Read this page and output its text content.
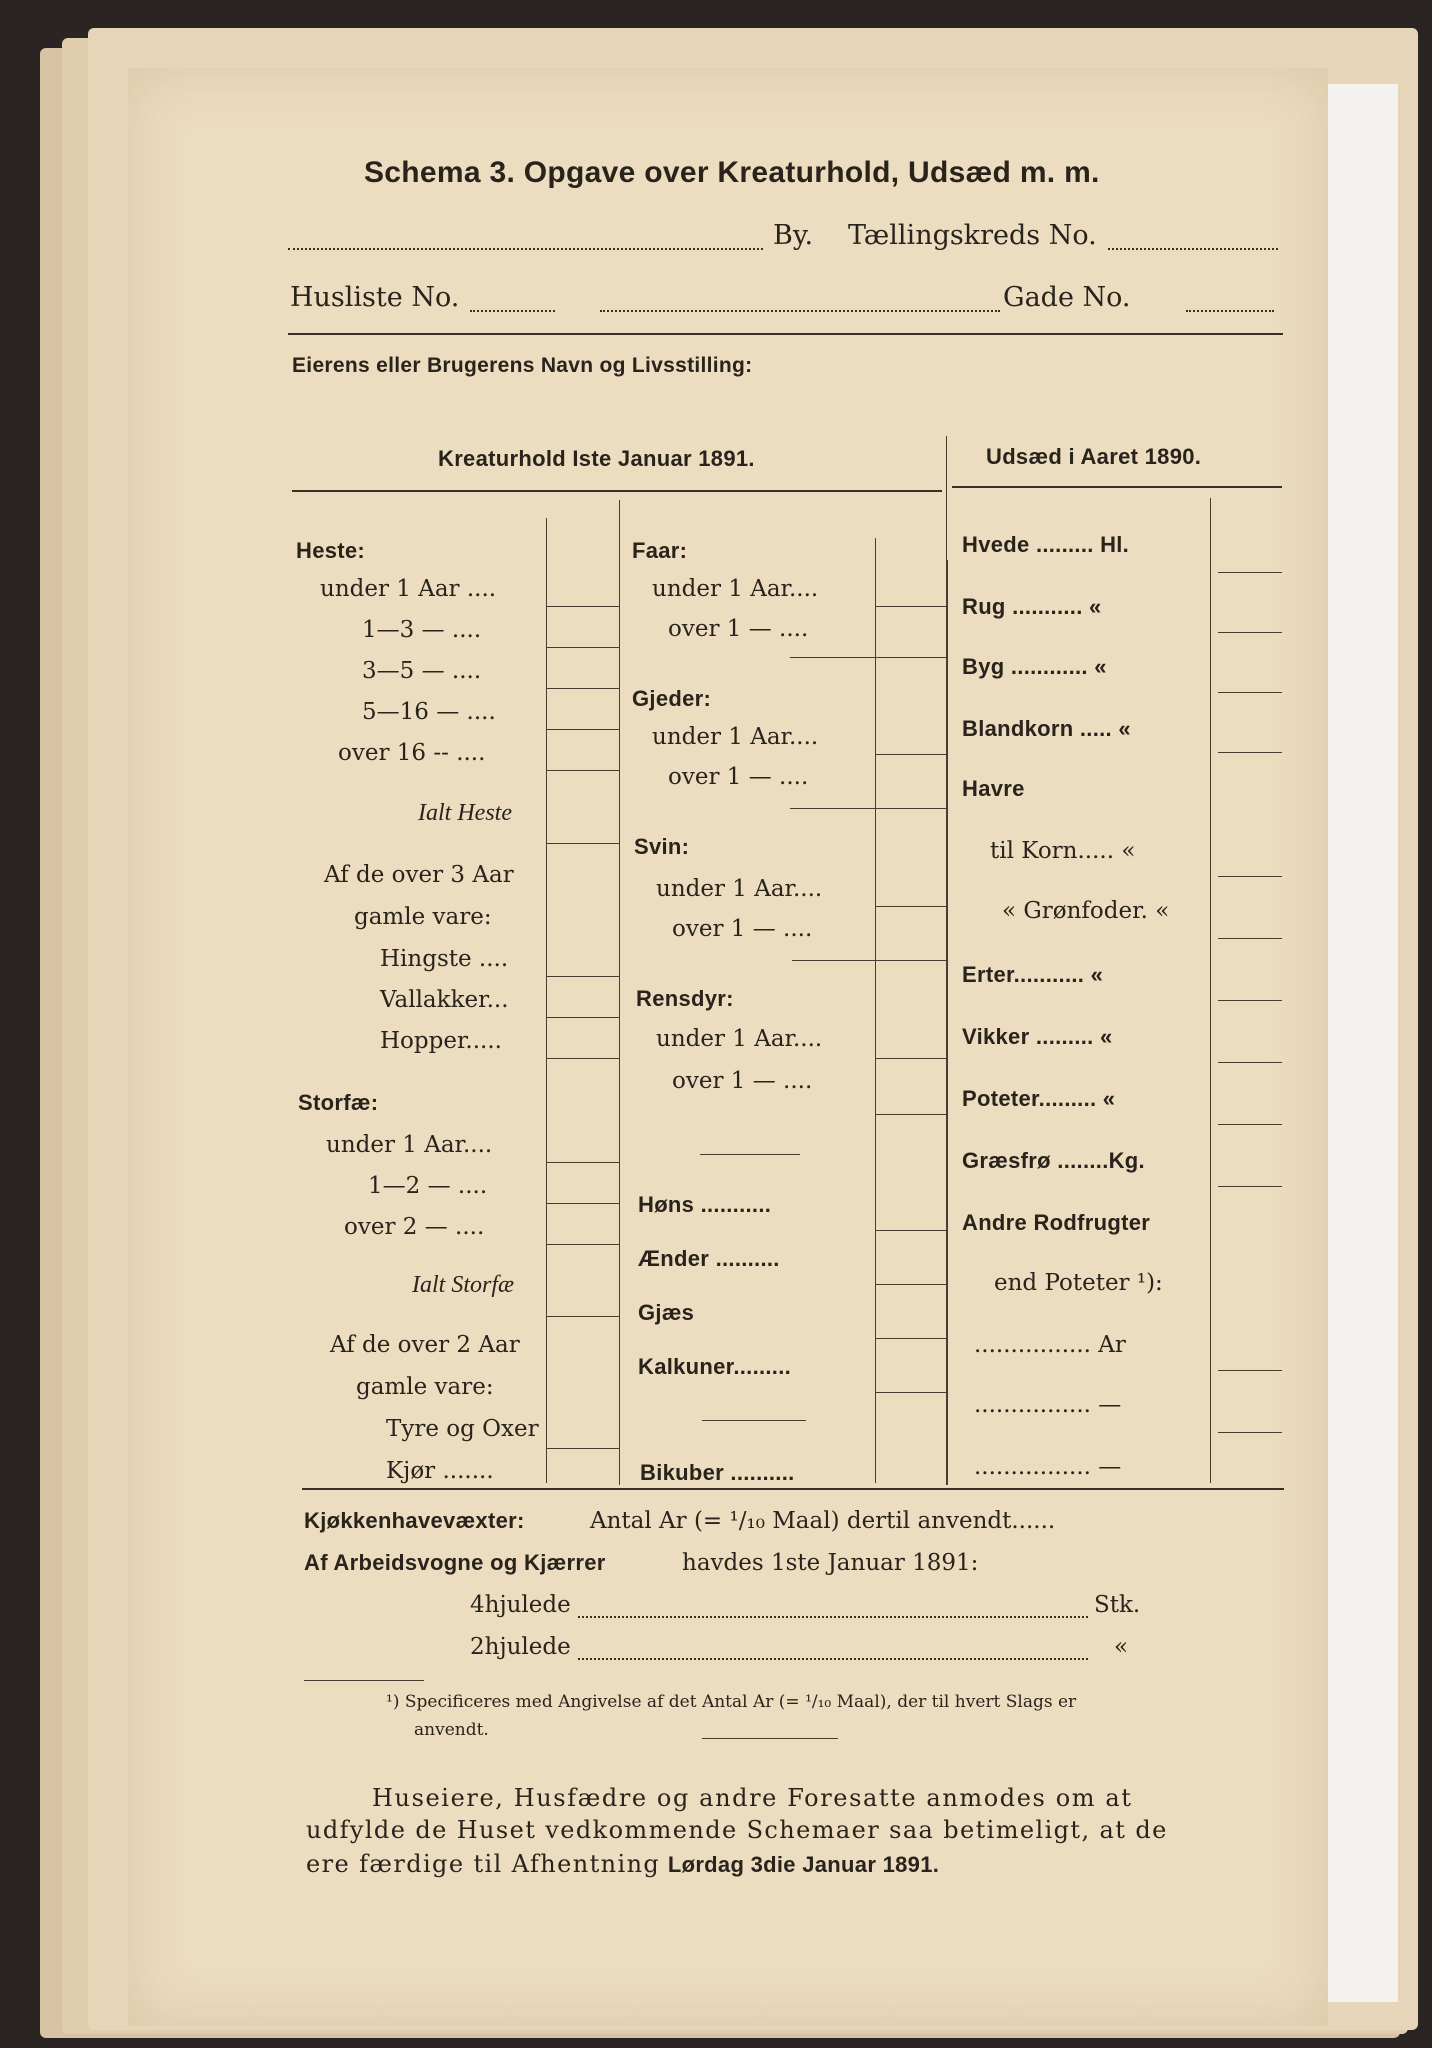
Schema 3. Opgave over Kreaturhold, Udsæd m. m.
By. Tællingskreds No.
Husliste No.	Gade No.
Eierens eller Brugerens Navn og Livsstilling:
Kreaturhold Iste Januar 1891.	Udsæd i Aaret 1890.
Heste:
under 1 Aar ....
1—3 — ....
3—5 — ....
5—16 — ....
over 16 -- ....
Ialt Heste
Af de over 3 Aar
gamle vare:
Hingste ....
Vallakker...
Hopper.....
Storfæ:
under 1 Aar....
1—2 — ....
over 2 — ....
Ialt Storfæ
Af de over 2 Aar
gamle vare:
Tyre og Oxer
Kjør .......
Faar:
under 1 Aar....
over 1 — ....
Gjeder:
under 1 Aar....
over 1 — ....
Svin:
under 1 Aar....
over 1 — ....
Rensdyr:
under 1 Aar....
over 1 — ....
Høns ...........
Ænder ..........
Gjæs
Kalkuner.........
Bikuber ..........
Hvede ......... Hl.
Rug ........... «
Byg ............ «
Blandkorn ..... «
Havre
til Korn..... «
« Grønfoder. «
Erter........... «
Vikker ......... «
Poteter......... «
Græsfrø ........Kg.
Andre Rodfrugter
end Poteter ¹):
................ Ar
................ —
................ —
Kjøkkenhavevæxter:	Antal Ar (= ¹/₁₀ Maal) dertil anvendt......
Af Arbeidsvogne og Kjærrer	havdes 1ste Januar 1891:
4hjulede	Stk.
2hjulede	«
¹) Specificeres med Angivelse af det Antal Ar (= ¹/₁₀ Maal), der til hvert Slags er
anvendt.
Huseiere, Husfædre og andre Foresatte anmodes om at
udfylde de Huset vedkommende Schemaer saa betimeligt, at de
ere færdige til Afhentning Lørdag 3die Januar 1891.
